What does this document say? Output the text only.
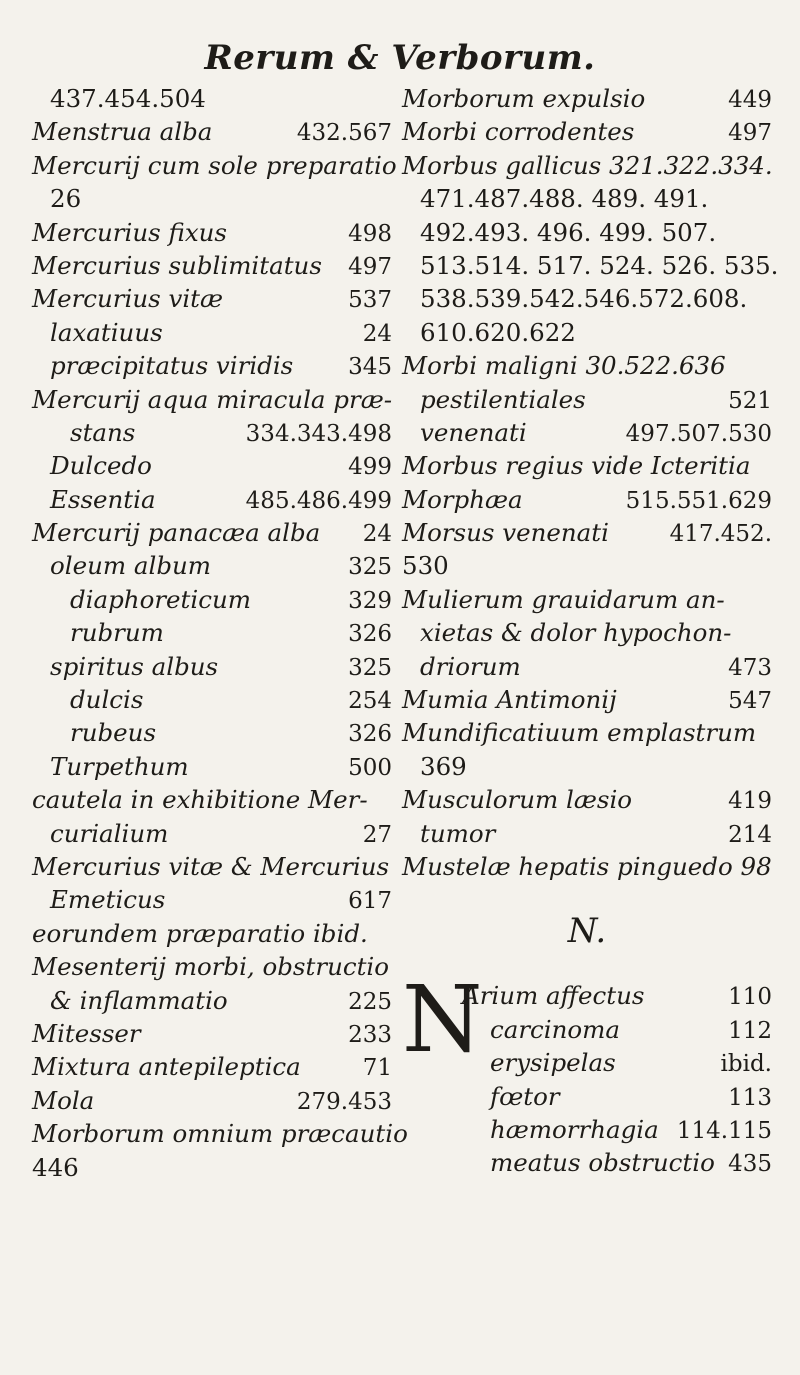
Rerum & Verborum.
437.454.504
Menstrua alba	432.567
Mercurij cum sole preparatio
26
Mercurius fixus	498
Mercurius sublimitatus 497
Mercurius vitæ	537
laxatiuus	24
præcipitatus viridis 345
Mercurij aqua miracula præ-
stans	334.343.498
Dulcedo	499
Essentia	485.486.499
Mercurij panacæa alba 24
oleum album	325
diaphoreticum	329
rubrum	326
spiritus albus	325
dulcis	254
rubeus	326
Turpethum	500
cautela in exhibitione Mer-
curialium	27
Mercurius vitæ & Mercurius
Emeticus	617
eorundem præparatio ibid.
Mesenterij morbi, obstructio
& inflammatio	225
Mitesser	233
Mixtura antepileptica	71
Mola	279.453
Morborum omnium præcautio
446
Morborum expulsio	449
Morbi corrodentes	497
Morbus gallicus 321.322.334.
471.487.488. 489. 491.
492.493. 496. 499. 507.
513.514. 517. 524. 526. 535.
538.539.542.546.572.608.
610.620.622
Morbi maligni 30.522.636
pestilentiales	521
venenati	497.507.530
Morbus regius vide Icteritia
Morphæa	515.551.629
Morsus venenati	417.452.
530
Mulierum grauidarum an-
xietas & dolor hypochon-
driorum	473
Mumia Antimonij	547
Mundificatiuum emplastrum
369
Musculorum læsio	419
tumor	214
Mustelæ hepatis pinguedo 98
N.
N
Arium affectus	110
carcinoma	112
erysipelas	ibid.
fœtor	113
hæmorrhagia 114.115
meatus obstructio 435
